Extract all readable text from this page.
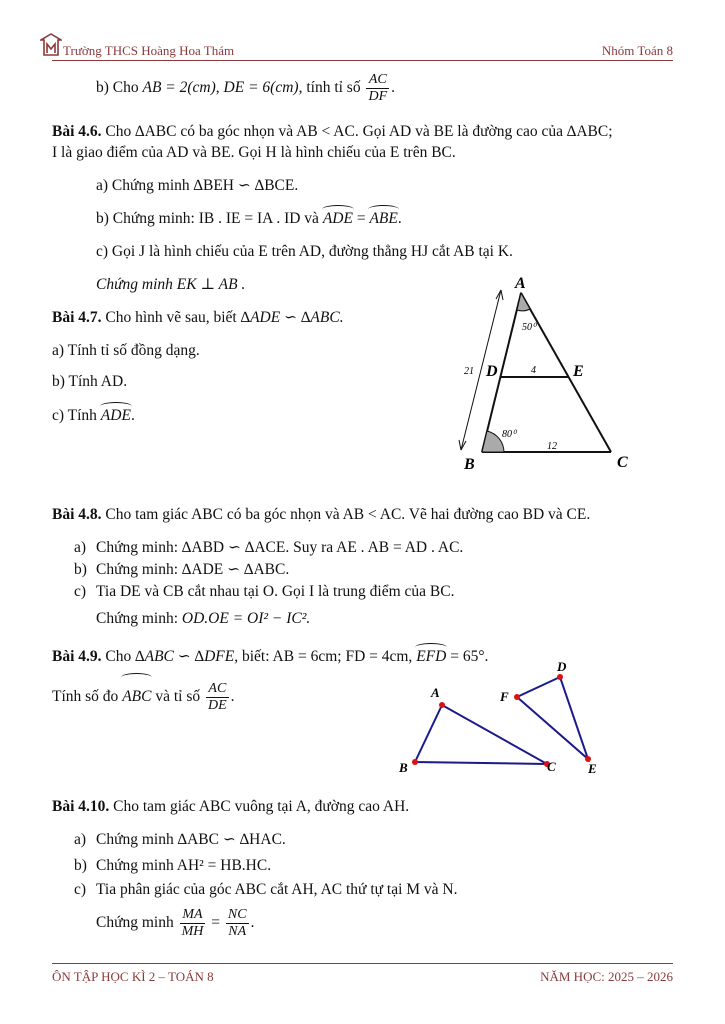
Trường THCS Hoàng Hoa Thám	Nhóm Toán 8
b) Cho AB = 2(cm), DE = 6(cm), tính tỉ số $\frac{AC}{DF}$ .
Bài 4.6. Cho ∆ABC có ba góc nhọn và AB < AC. Gọi AD và BE là đường cao của ∆ABC;
I là giao điểm của AD và BE. Gọi H là hình chiếu của E trên BC.
a) Chứng minh ∆BEH ∽ ∆BCE.
b) Chứng minh: IB . IE = IA . ID và ADE = ABE.
c) Gọi J là hình chiếu của E trên AD, đường thẳng HJ cắt AB tại K.
Chứng minh EK ⊥ AB .
Bài 4.7. Cho hình vẽ sau, biết ∆ADE ∽ ∆ABC.
a) Tính tỉ số đồng dạng.
b) Tính AD.
c) Tính ADE.
A
B	C
D	E
21	4
12
50⁰
80⁰
Bài 4.8. Cho tam giác ABC có ba góc nhọn và AB < AC. Vẽ hai đường cao BD và CE.
a) Chứng minh: ∆ABD ∽ ∆ACE. Suy ra AE . AB = AD . AC.
b) Chứng minh: ∆ADE ∽ ∆ABC.
c) Tia DE và CB cắt nhau tại O. Gọi I là trung điểm của BC.
Chứng minh: OD.OE = OI² − IC².
Bài 4.9. Cho ∆ABC ∽ ∆DFE, biết: AB = 6cm; FD = 4cm, EFD = 65°.
Tính số đo ABC và tỉ số $\frac{AC}{DE}$ .	A
B	C
D
E
F
Bài 4.10. Cho tam giác ABC vuông tại A, đường cao AH.
a) Chứng minh ∆ABC ∽ ∆HAC.
b) Chứng minh AH² = HB.HC.
c) Tia phân giác của góc ABC cắt AH, AC thứ tự tại M và N.
Chứng minh $\frac{MA}{MH} = \frac{NC}{NA}$ .
ÔN TẬP HỌC KÌ 2 – TOÁN 8	NĂM HỌC: 2025 – 2026
